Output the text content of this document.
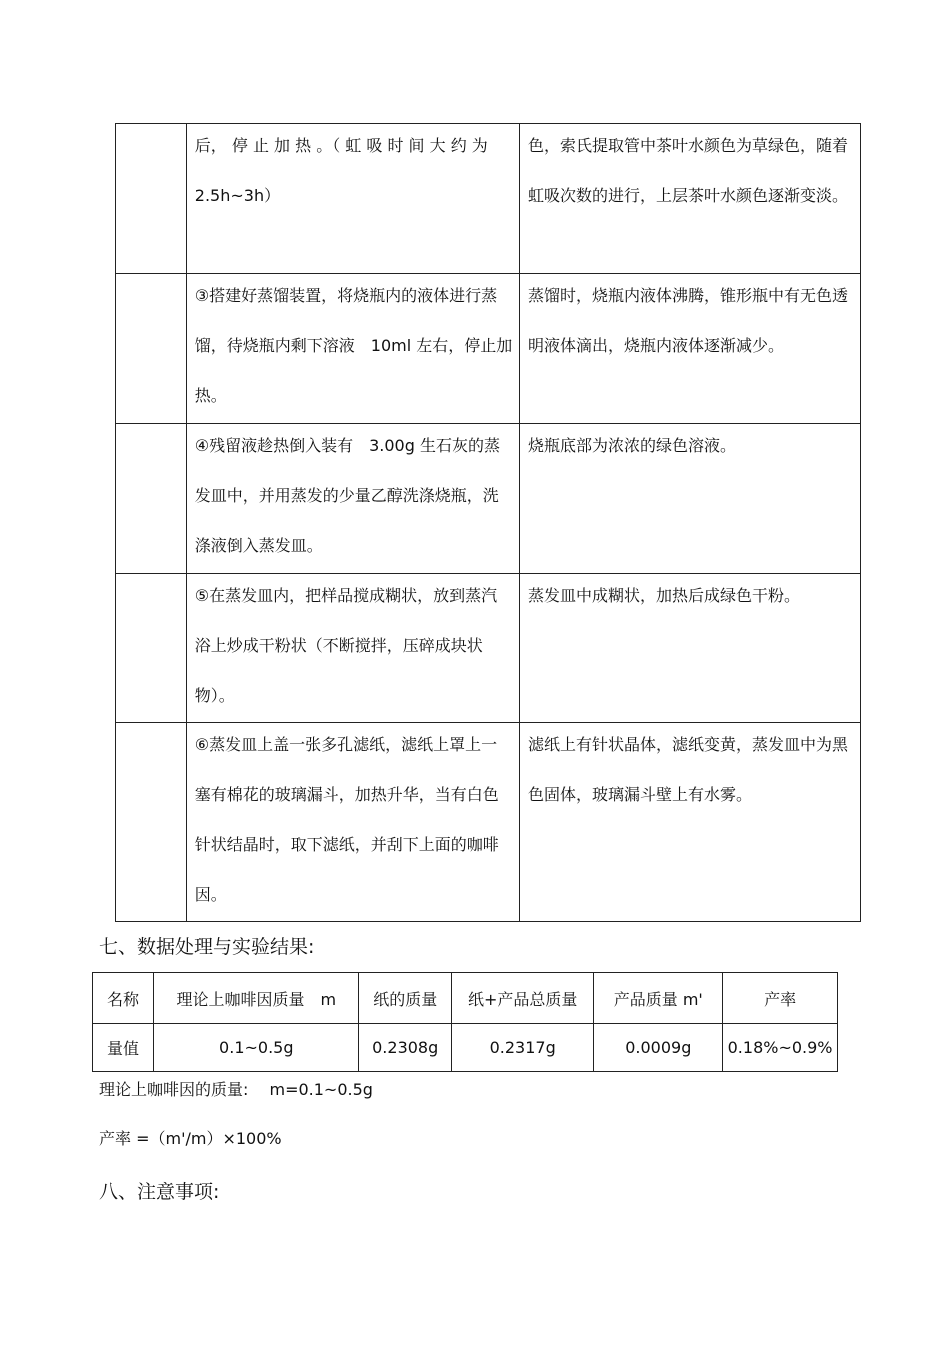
	后， 停 止 加 热 。（ 虹 吸 时 间 大 约 为 2.5h~3h）	色，索氏提取管中茶叶水颜色为草绿色，随着虹吸次数的进行，上层茶叶水颜色逐渐变淡。

	③搭建好蒸馏装置，将烧瓶内的液体进行蒸馏，待烧瓶内剩下溶液　10ml 左右，停止加热。	蒸馏时，烧瓶内液体沸腾，锥形瓶中有无色透明液体滴出，烧瓶内液体逐渐减少。

	④残留液趁热倒入装有　3.00g 生石灰的蒸发皿中，并用蒸发的少量乙醇洗涤烧瓶，洗涤液倒入蒸发皿。	烧瓶底部为浓浓的绿色溶液。

	⑤在蒸发皿内，把样品搅成糊状，放到蒸汽浴上炒成干粉状（不断搅拌，压碎成块状物）。	蒸发皿中成糊状，加热后成绿色干粉。

	⑥蒸发皿上盖一张多孔滤纸，滤纸上罩上一塞有棉花的玻璃漏斗，加热升华，当有白色针状结晶时，取下滤纸，并刮下上面的咖啡因。	滤纸上有针状晶体，滤纸变黄，蒸发皿中为黑色固体，玻璃漏斗壁上有水雾。
七、数据处理与实验结果:
名称	理论上咖啡因质量　m	纸的质量	纸+产品总质量	产品质量 m'	产率
量值	0.1~0.5g	0.2308g	0.2317g	0.0009g	0.18%~0.9%
理论上咖啡因的质量:　 m=0.1~0.5g
产率 =（m'/m）×100%
八、注意事项:
